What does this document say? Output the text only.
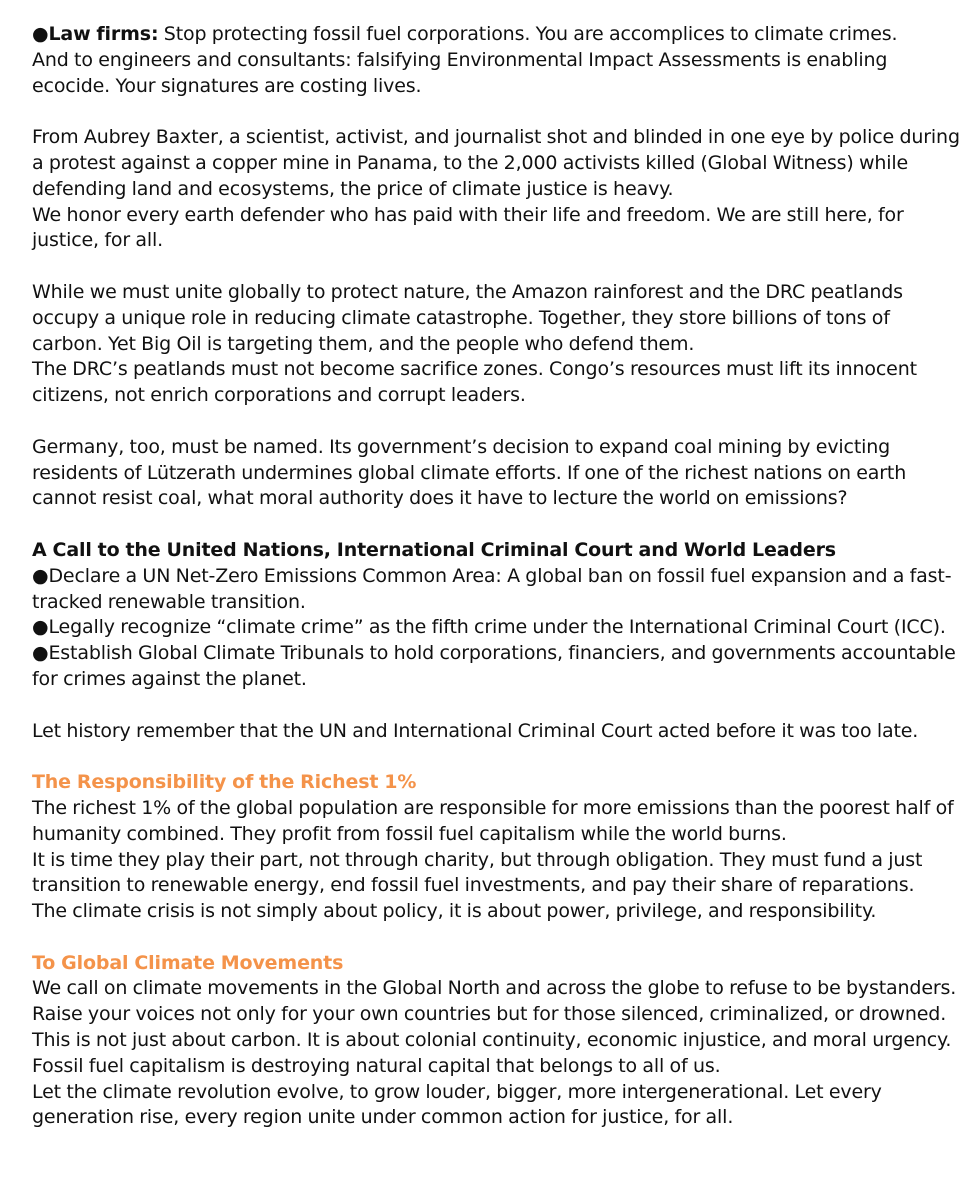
●Law firms: Stop protecting fossil fuel corporations. You are accomplices to climate crimes.
And to engineers and consultants: falsifying Environmental Impact Assessments is enabling
ecocide. Your signatures are costing lives.
From Aubrey Baxter, a scientist, activist, and journalist shot and blinded in one eye by police during
a protest against a copper mine in Panama, to the 2,000 activists killed (Global Witness) while
defending land and ecosystems, the price of climate justice is heavy.
We honor every earth defender who has paid with their life and freedom. We are still here, for
justice, for all.
While we must unite globally to protect nature, the Amazon rainforest and the DRC peatlands
occupy a unique role in reducing climate catastrophe. Together, they store billions of tons of
carbon. Yet Big Oil is targeting them, and the people who defend them.
The DRC’s peatlands must not become sacrifice zones. Congo’s resources must lift its innocent
citizens, not enrich corporations and corrupt leaders.
Germany, too, must be named. Its government’s decision to expand coal mining by evicting
residents of Lützerath undermines global climate efforts. If one of the richest nations on earth
cannot resist coal, what moral authority does it have to lecture the world on emissions?
A Call to the United Nations, International Criminal Court and World Leaders
●Declare a UN Net-Zero Emissions Common Area: A global ban on fossil fuel expansion and a fast-
tracked renewable transition.
●Legally recognize “climate crime” as the fifth crime under the International Criminal Court (ICC).
●Establish Global Climate Tribunals to hold corporations, financiers, and governments accountable
for crimes against the planet.
Let history remember that the UN and International Criminal Court acted before it was too late.
The Responsibility of the Richest 1%
The richest 1% of the global population are responsible for more emissions than the poorest half of
humanity combined. They profit from fossil fuel capitalism while the world burns.
It is time they play their part, not through charity, but through obligation. They must fund a just
transition to renewable energy, end fossil fuel investments, and pay their share of reparations.
The climate crisis is not simply about policy, it is about power, privilege, and responsibility.
To Global Climate Movements
We call on climate movements in the Global North and across the globe to refuse to be bystanders.
Raise your voices not only for your own countries but for those silenced, criminalized, or drowned.
This is not just about carbon. It is about colonial continuity, economic injustice, and moral urgency.
Fossil fuel capitalism is destroying natural capital that belongs to all of us.
Let the climate revolution evolve, to grow louder, bigger, more intergenerational. Let every
generation rise, every region unite under common action for justice, for all.
